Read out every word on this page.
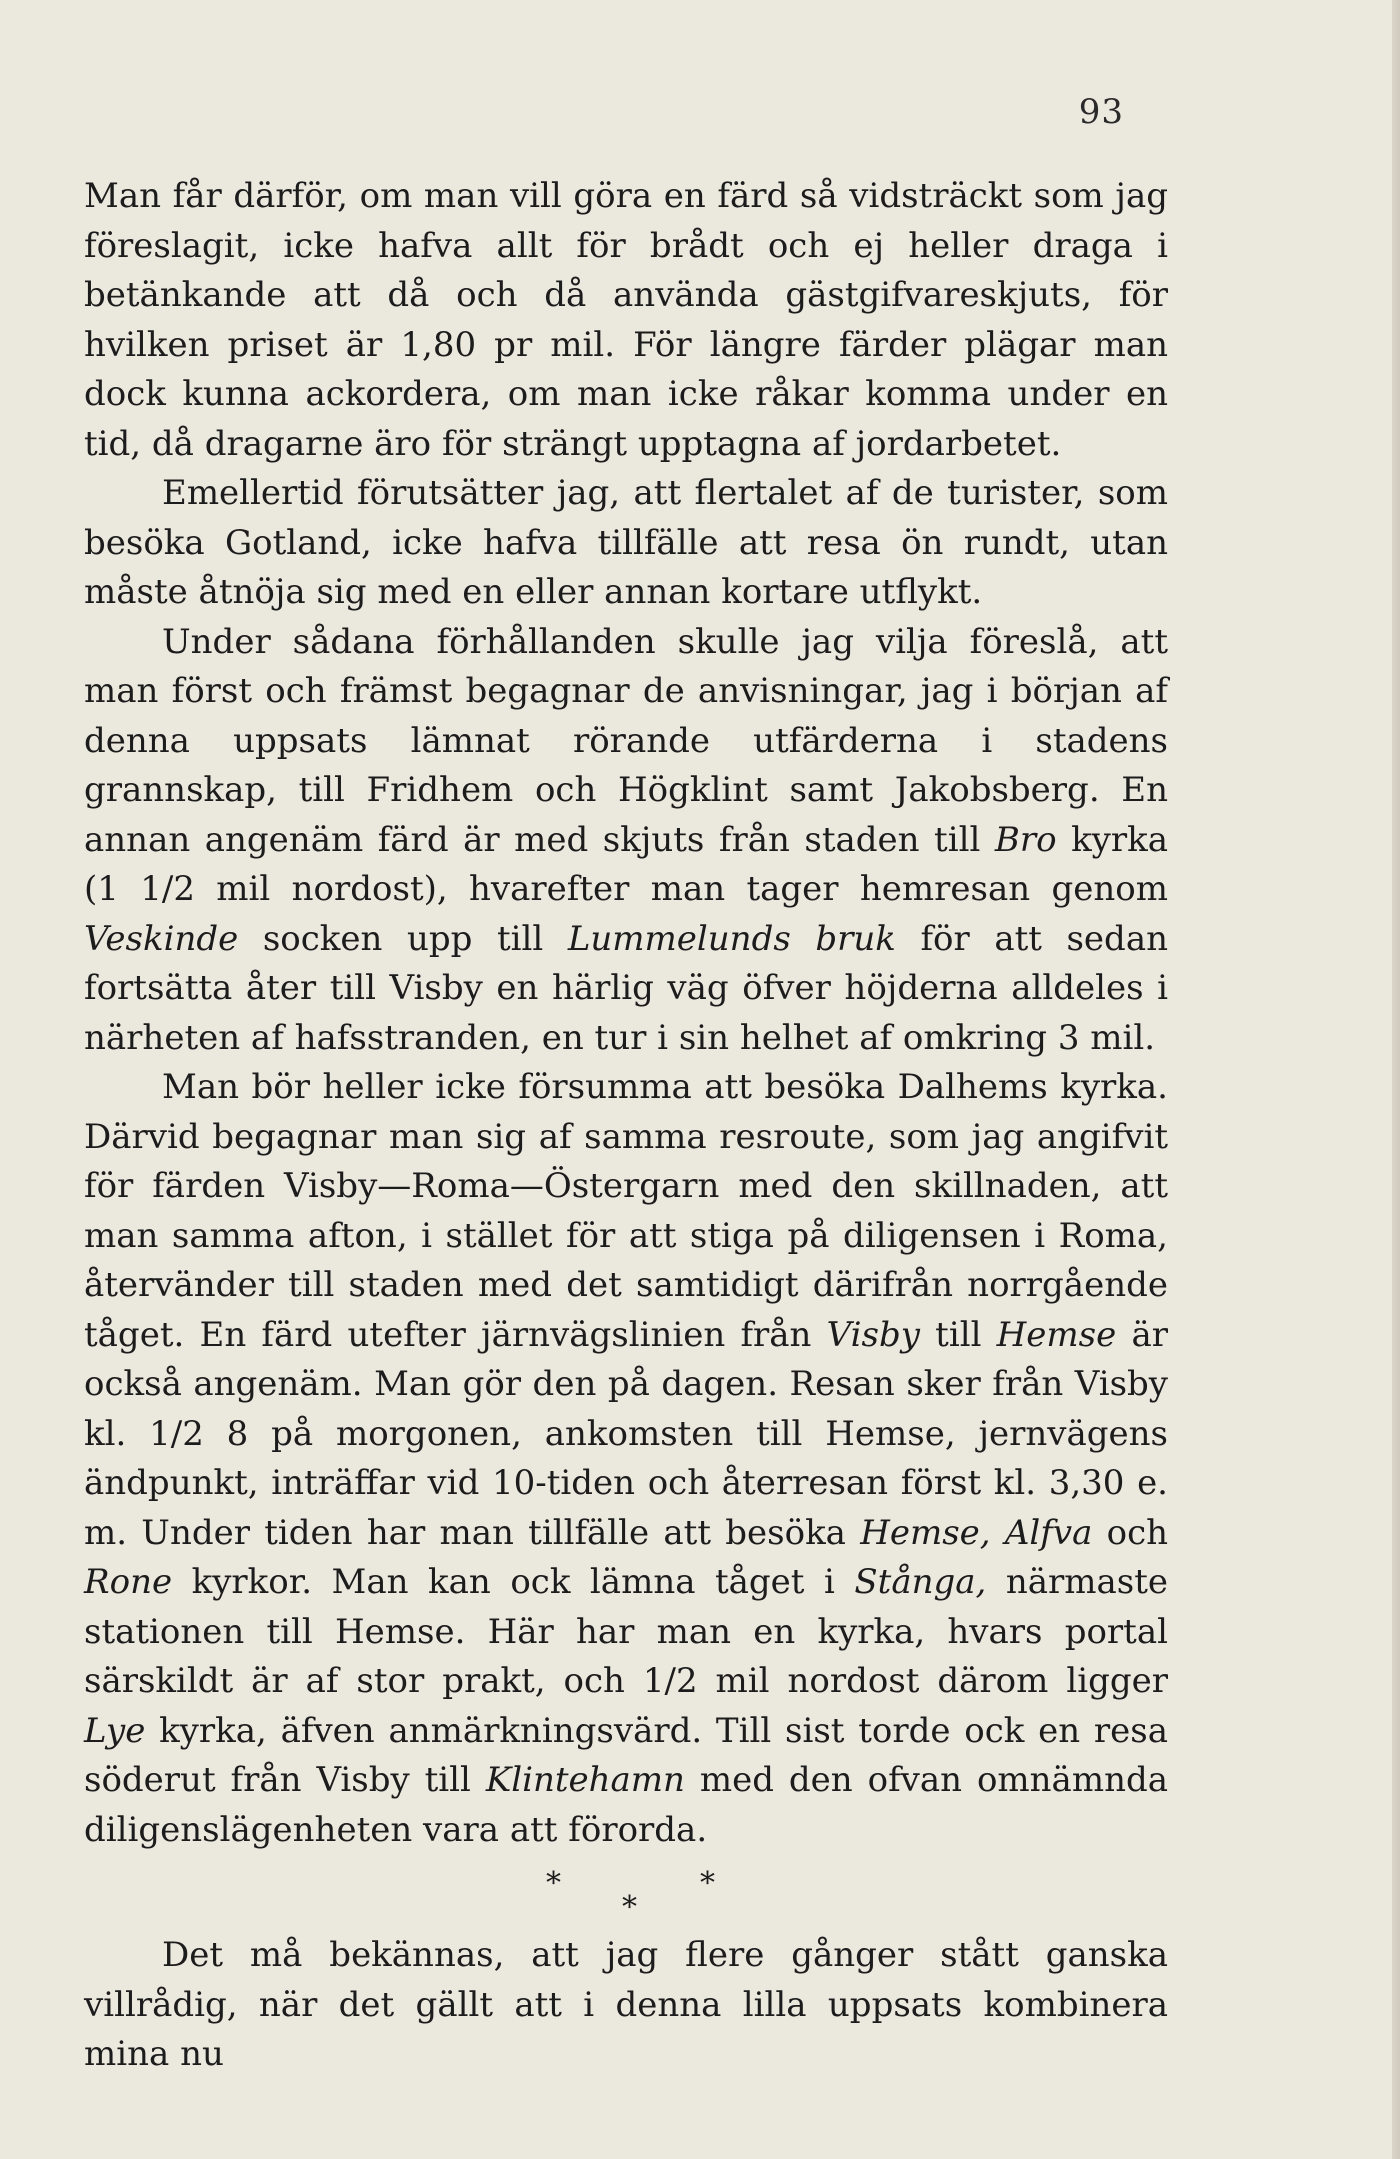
93

Man får därför, om man vill göra en färd så vidsträckt som jag föreslagit, icke hafva allt för brådt och ej heller draga i betänkande att då och då använda gästgifvareskjuts, för hvilken priset är 1,80 pr mil. För längre färder plägar man dock kunna ackordera, om man icke råkar komma under en tid, då dragarne äro för strängt upptagna af jordarbetet.

Emellertid förutsätter jag, att flertalet af de turister, som besöka Gotland, icke hafva tillfälle att resa ön rundt, utan måste åtnöja sig med en eller annan kortare utflykt.

Under sådana förhållanden skulle jag vilja föreslå, att man först och främst begagnar de anvisningar, jag i början af denna uppsats lämnat rörande utfärderna i stadens grannskap, till Fridhem och Högklint samt Jakobsberg. En annan angenäm färd är med skjuts från staden till Bro kyrka (1 1/2 mil nordost), hvarefter man tager hemresan genom Veskinde socken upp till Lummelunds bruk för att sedan fortsätta åter till Visby en härlig väg öfver höjderna alldeles i närheten af hafsstranden, en tur i sin helhet af omkring 3 mil.

Man bör heller icke försumma att besöka Dalhems kyrka. Därvid begagnar man sig af samma resroute, som jag angifvit för färden Visby—Roma—Östergarn med den skillnaden, att man samma afton, i stället för att stiga på diligensen i Roma, återvänder till staden med det samtidigt därifrån norrgående tåget. En färd utefter järnvägslinien från Visby till Hemse är också angenäm. Man gör den på dagen. Resan sker från Visby kl. 1/2 8 på morgonen, ankomsten till Hemse, jernvägens ändpunkt, inträffar vid 10-tiden och återresan först kl. 3,30 e. m. Under tiden har man tillfälle att besöka Hemse, Alfva och Rone kyrkor. Man kan ock lämna tåget i Stånga, närmaste stationen till Hemse. Här har man en kyrka, hvars portal särskildt är af stor prakt, och 1/2 mil nordost därom ligger Lye kyrka, äfven anmärkningsvärd. Till sist torde ock en resa söderut från Visby till Klintehamn med den ofvan omnämnda diligenslägenheten vara att förorda.

*	*
*

Det må bekännas, att jag flere gånger stått ganska villrådig, när det gällt att i denna lilla uppsats kombinera mina nu
